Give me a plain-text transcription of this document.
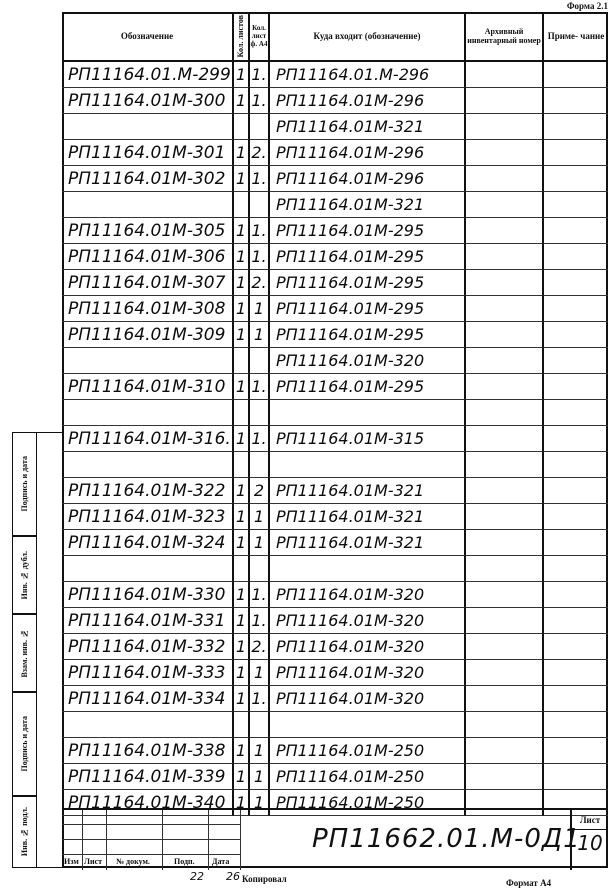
Форма 2.1
Обозначение	Кол. листов Кол. лист ф. А4
Куда входит (обозначение)	Архивный инвентарный номер Приме- чание
РП11164.01.М-299 1 1. РП11164.01.М-296
РП11164.01М-300 1 1. РП11164.01М-296
РП11164.01М-321
РП11164.01М-301 1 2. РП11164.01М-296
РП11164.01М-302 1 1. РП11164.01М-296
РП11164.01М-321
РП11164.01М-305 1 1. РП11164.01М-295
РП11164.01М-306 1 1. РП11164.01М-295
РП11164.01М-307 1 2. РП11164.01М-295
РП11164.01М-308 1 1 РП11164.01М-295
РП11164.01М-309 1 1 РП11164.01М-295
РП11164.01М-320
РП11164.01М-310 1 1. РП11164.01М-295
РП11164.01М-316. 1 1. РП11164.01М-315
РП11164.01М-322 1 2 РП11164.01М-321
РП11164.01М-323 1 1 РП11164.01М-321
РП11164.01М-324 1 1 РП11164.01М-321
РП11164.01М-330 1 1. РП11164.01М-320
РП11164.01М-331 1 1. РП11164.01М-320
РП11164.01М-332 1 2. РП11164.01М-320
РП11164.01М-333 1 1 РП11164.01М-320
РП11164.01М-334 1 1. РП11164.01М-320
РП11164.01М-338 1 1 РП11164.01М-250
РП11164.01М-339 1 1 РП11164.01М-250
РП11164.01М-340 1 1 РП11164.01М-250
Подпись и дата
Инв. № дубл.
Взам. инв. №
Подпись и дата
Инв. № подл.
Изм Лист № докум.	Подп. Дата
РП11662.01.М-0Д1
Лист
10
22 26 Копировал	Формат А4
